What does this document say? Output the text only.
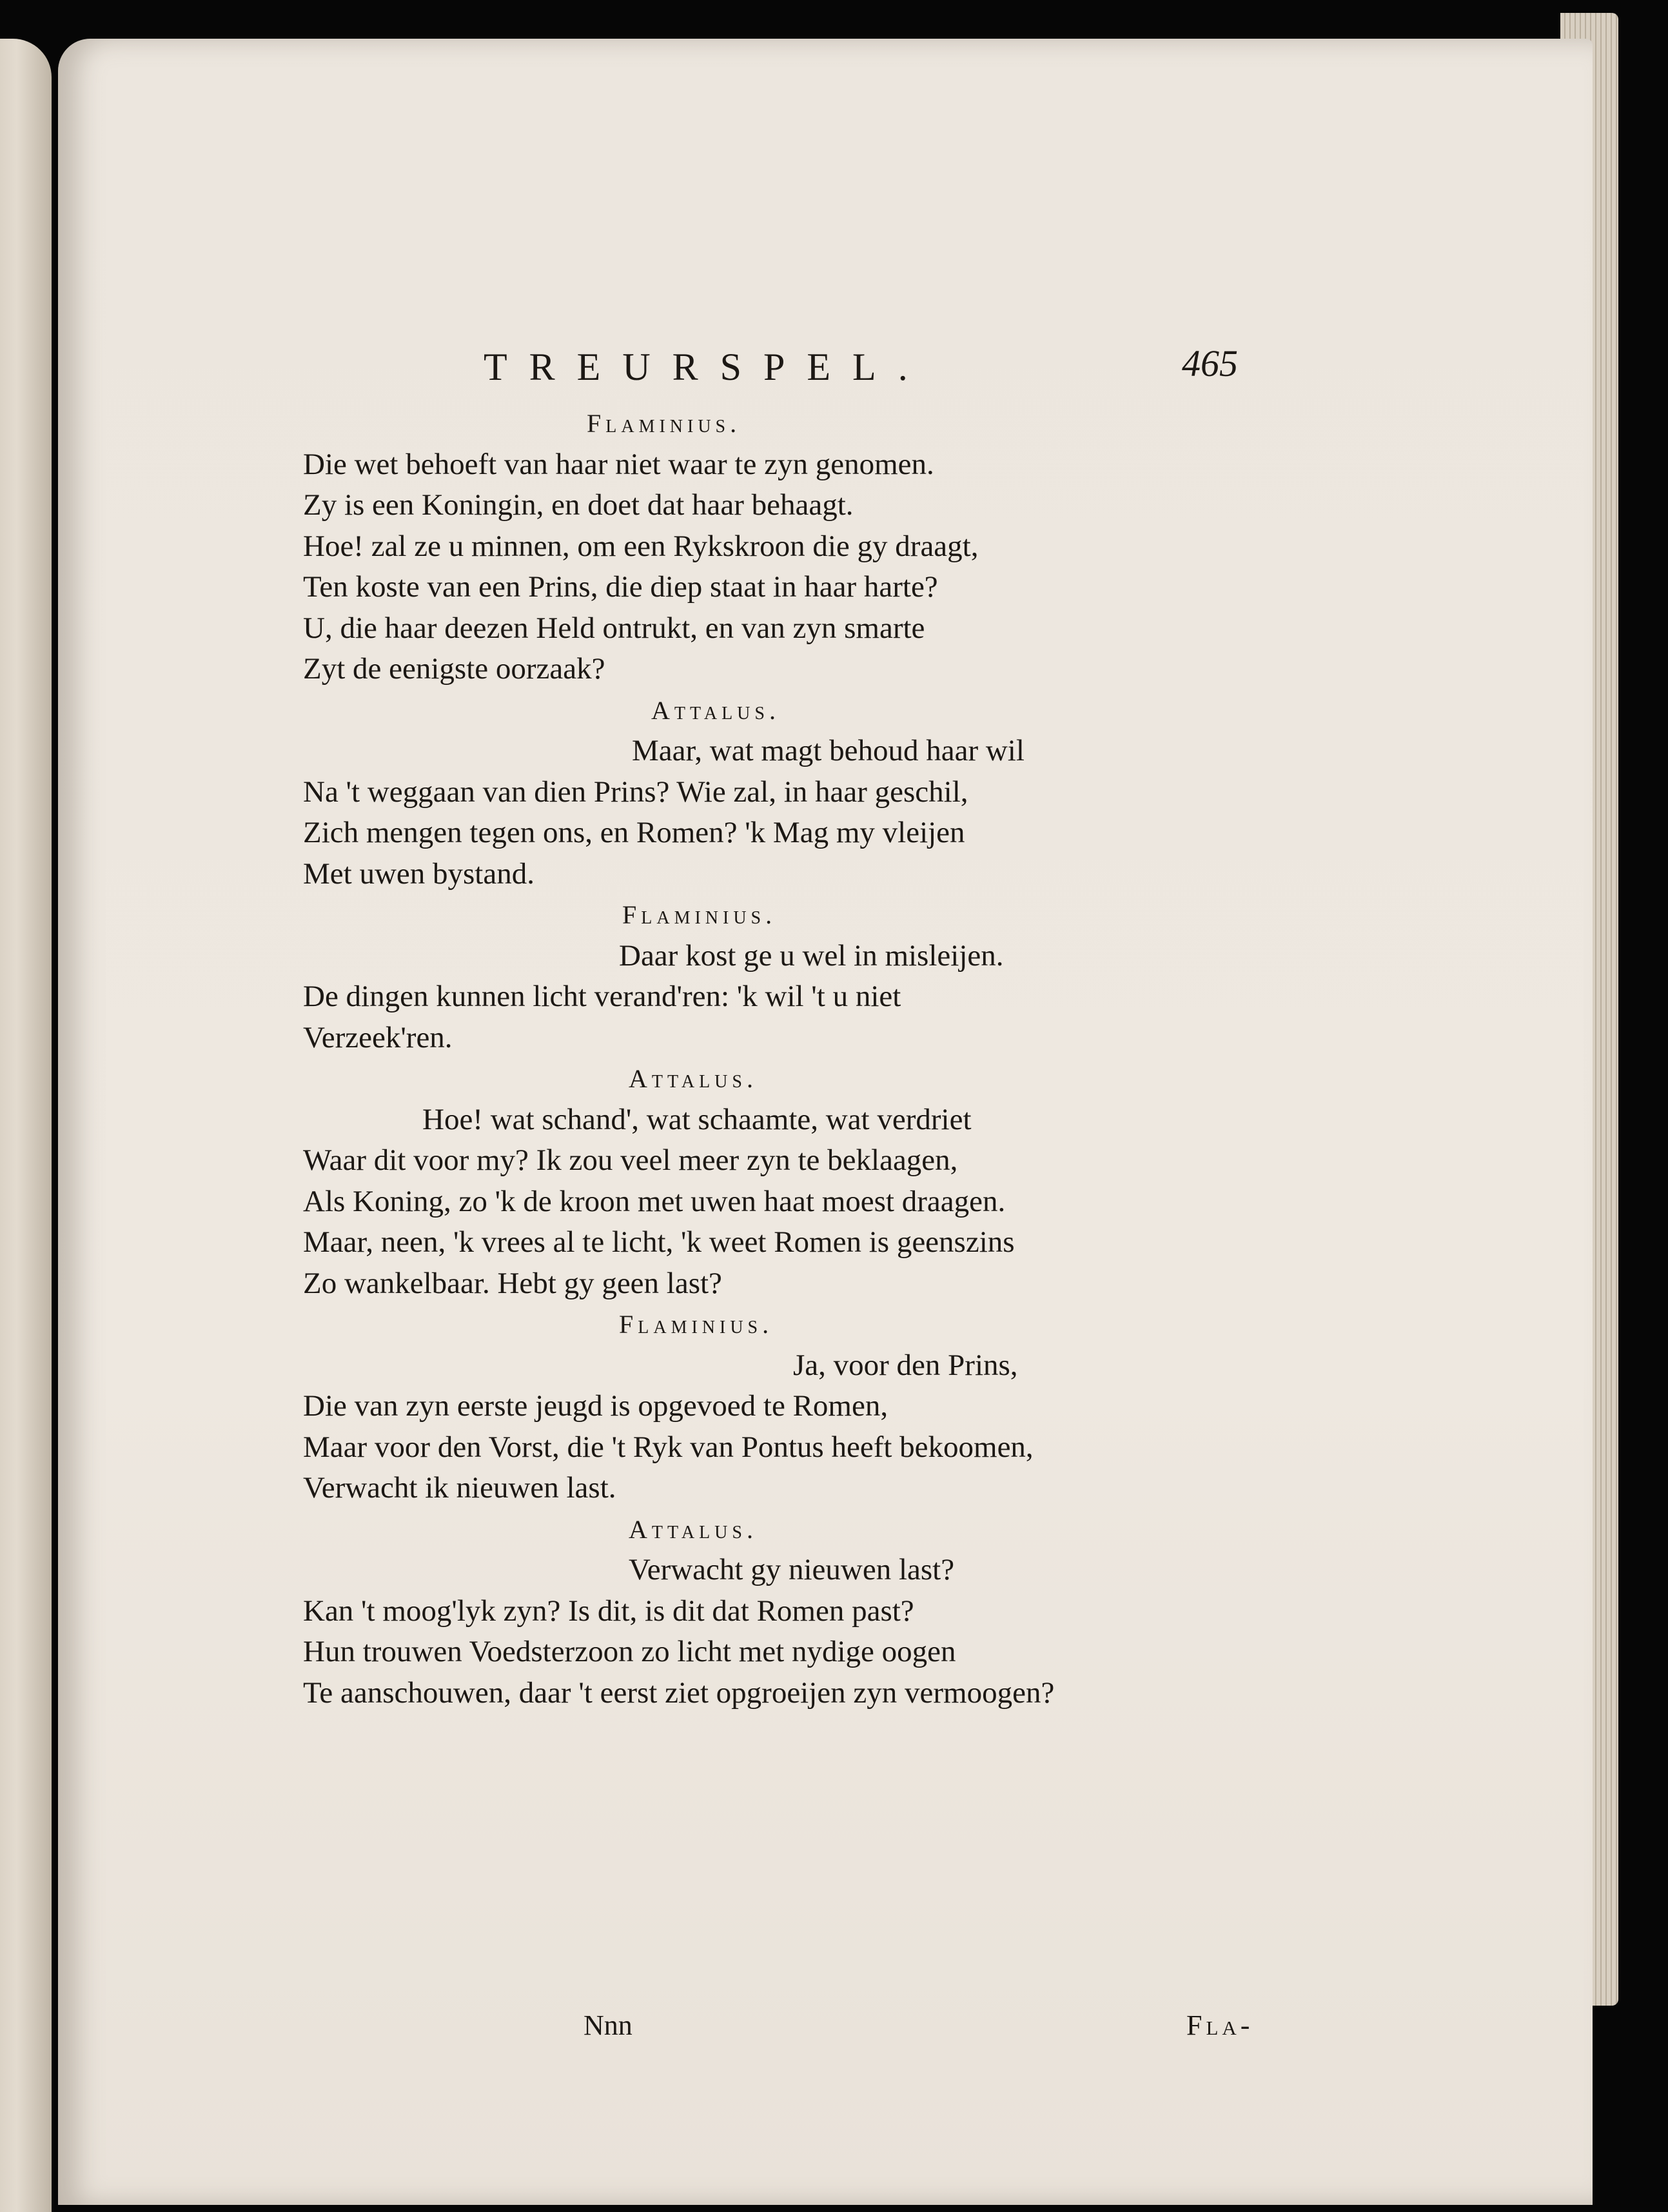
TREURSPEL.	465
Flaminius.
Die wet behoeft van haar niet waar te zyn genomen.
Zy is een Koningin, en doet dat haar behaagt.
Hoe! zal ze u minnen, om een Rykskroon die gy draagt,
Ten koste van een Prins, die diep staat in haar harte?
U, die haar deezen Held ontrukt, en van zyn smarte
Zyt de eenigste oorzaak?
Attalus.
Maar, wat magt behoud haar wil
Na 't weggaan van dien Prins? Wie zal, in haar geschil,
Zich mengen tegen ons, en Romen? 'k Mag my vleijen
Met uwen bystand.
Flaminius.
Daar kost ge u wel in misleijen.
De dingen kunnen licht verand'ren: 'k wil 't u niet
Verzeek'ren.
Attalus.
Hoe! wat schand', wat schaamte, wat verdriet
Waar dit voor my? Ik zou veel meer zyn te beklaagen,
Als Koning, zo 'k de kroon met uwen haat moest draagen.
Maar, neen, 'k vrees al te licht, 'k weet Romen is geenszins
Zo wankelbaar. Hebt gy geen last?
Flaminius.
Ja, voor den Prins,
Die van zyn eerste jeugd is opgevoed te Romen,
Maar voor den Vorst, die 't Ryk van Pontus heeft bekoomen,
Verwacht ik nieuwen last.
Attalus.
Verwacht gy nieuwen last?
Kan 't moog'lyk zyn? Is dit, is dit dat Romen past?
Hun trouwen Voedsterzoon zo licht met nydige oogen
Te aanschouwen, daar 't eerst ziet opgroeijen zyn vermoogen?
Nnn	Fla-
